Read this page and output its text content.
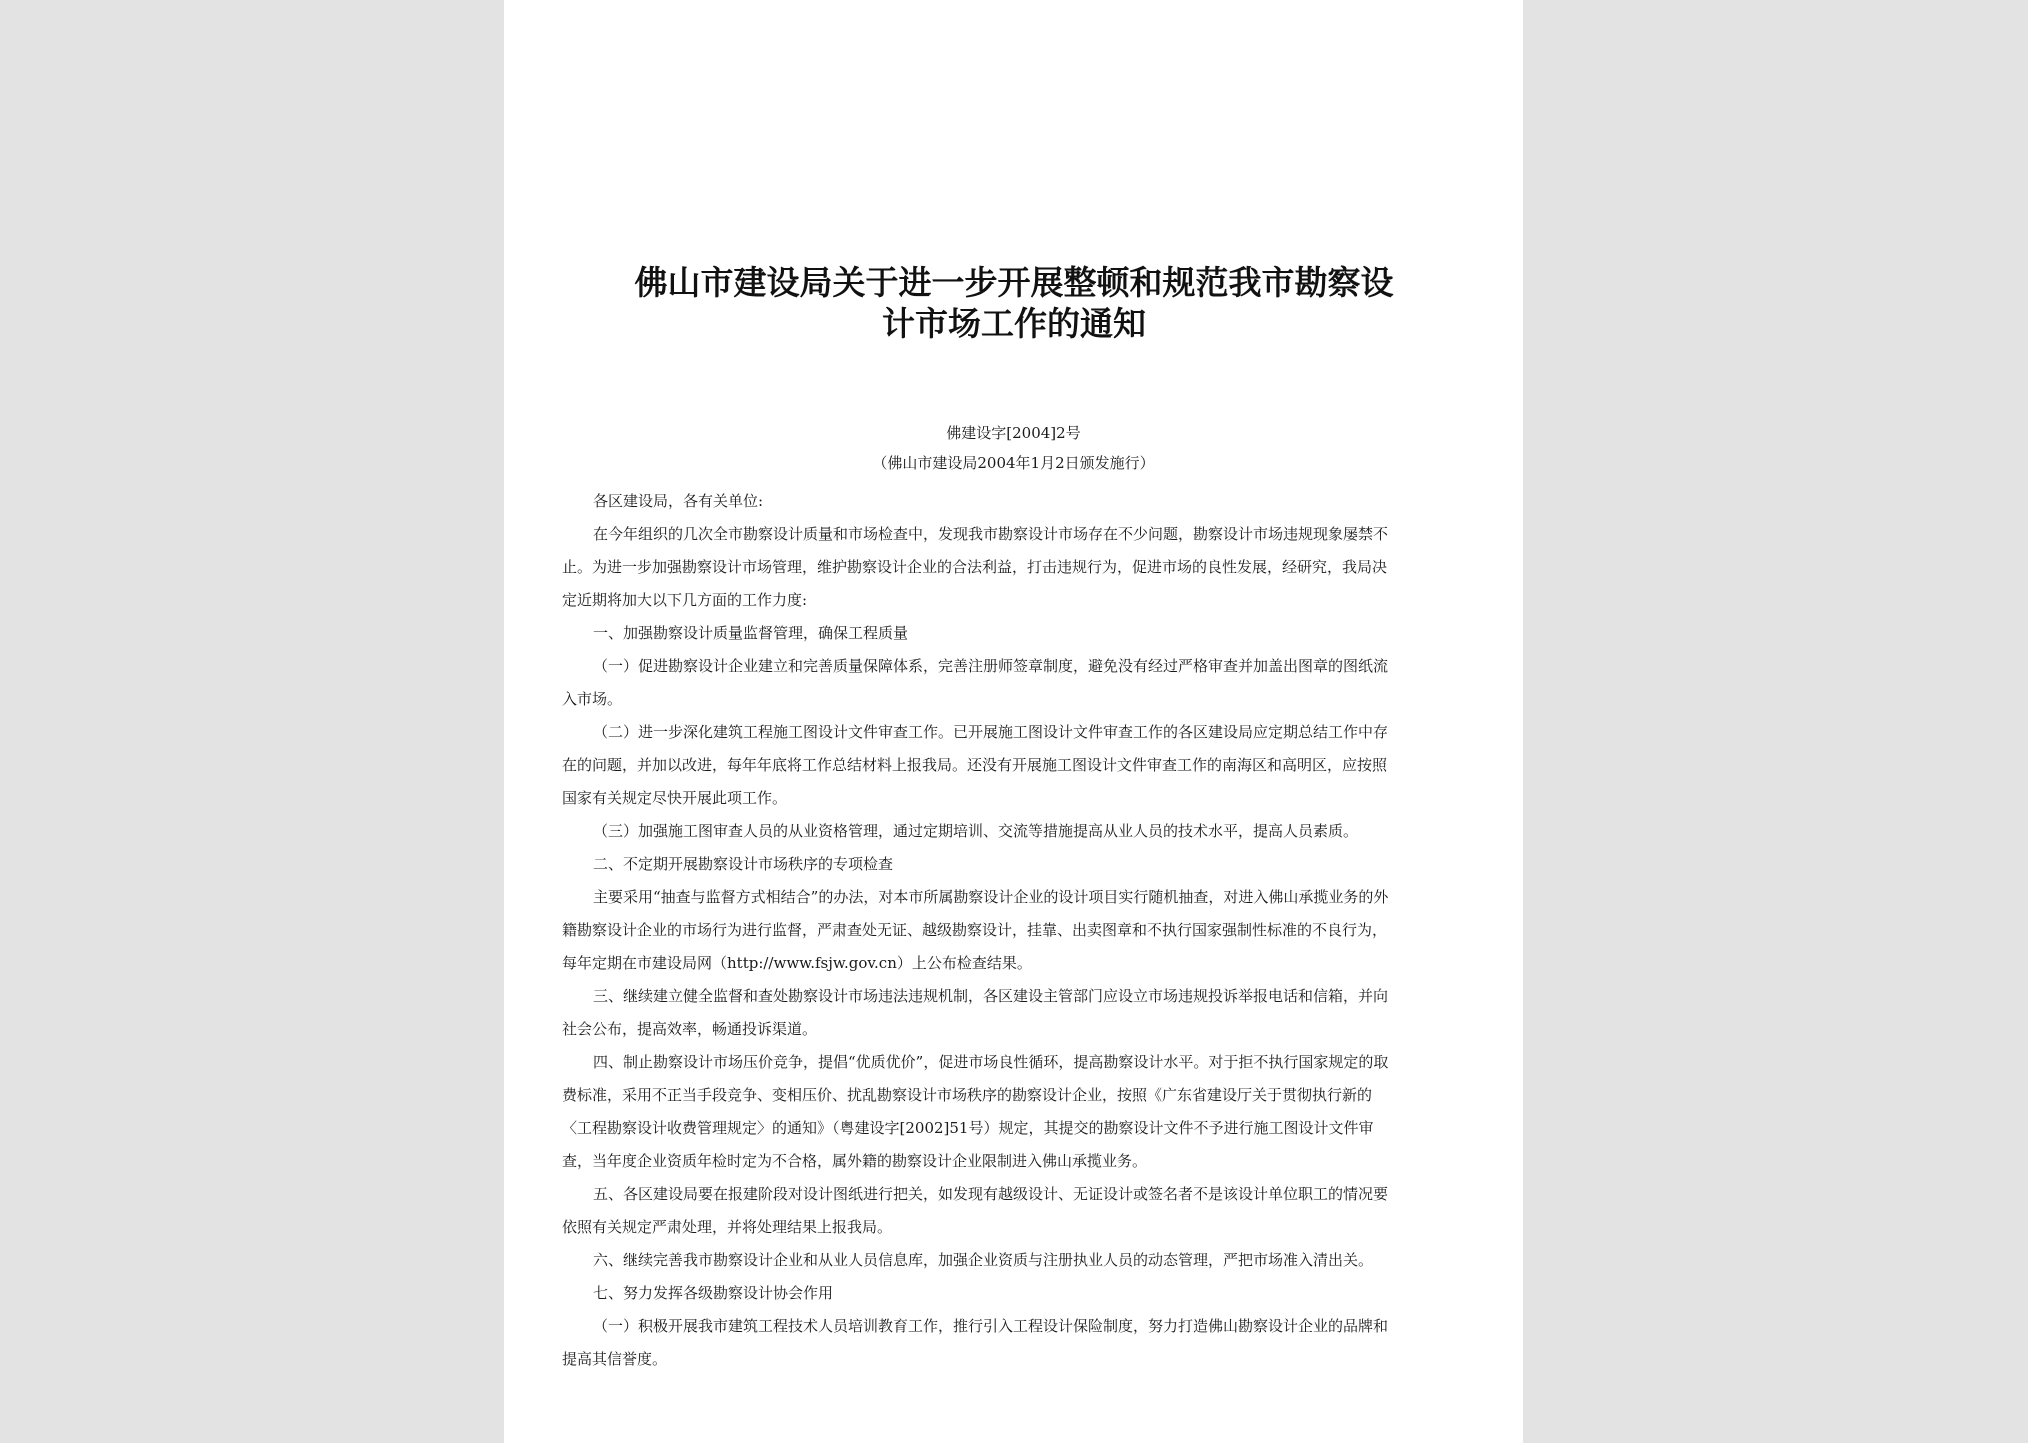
佛山市建设局关于进一步开展整顿和规范我市勘察设
计市场工作的通知
佛建设字[2004]2号
（佛山市建设局2004年1月2日颁发施行）

各区建设局，各有关单位:

在今年组织的几次全市勘察设计质量和市场检查中，发现我市勘察设计市场存在不少问题，勘察设计市场违规现象屡禁不

止。为进一步加强勘察设计市场管理，维护勘察设计企业的合法利益，打击违规行为，促进市场的良性发展，经研究，我局决

定近期将加大以下几方面的工作力度:

一、加强勘察设计质量监督管理，确保工程质量

（一）促进勘察设计企业建立和完善质量保障体系，完善注册师签章制度，避免没有经过严格审查并加盖出图章的图纸流

入市场。

（二）进一步深化建筑工程施工图设计文件审查工作。已开展施工图设计文件审查工作的各区建设局应定期总结工作中存

在的问题，并加以改进，每年年底将工作总结材料上报我局。还没有开展施工图设计文件审查工作的南海区和高明区，应按照

国家有关规定尽快开展此项工作。

（三）加强施工图审查人员的从业资格管理，通过定期培训、交流等措施提高从业人员的技术水平，提高人员素质。

二、不定期开展勘察设计市场秩序的专项检查

主要采用“抽查与监督方式相结合”的办法，对本市所属勘察设计企业的设计项目实行随机抽查，对进入佛山承揽业务的外

籍勘察设计企业的市场行为进行监督，严肃查处无证、越级勘察设计，挂靠、出卖图章和不执行国家强制性标准的不良行为，

每年定期在市建设局网（http://www.fsjw.gov.cn）上公布检查结果。

三、继续建立健全监督和查处勘察设计市场违法违规机制，各区建设主管部门应设立市场违规投诉举报电话和信箱，并向

社会公布，提高效率，畅通投诉渠道。

四、制止勘察设计市场压价竞争，提倡“优质优价”，促进市场良性循环，提高勘察设计水平。对于拒不执行国家规定的取

费标准，采用不正当手段竞争、变相压价、扰乱勘察设计市场秩序的勘察设计企业，按照《广东省建设厅关于贯彻执行新的

〈工程勘察设计收费管理规定〉的通知》（粤建设字[2002]51号）规定，其提交的勘察设计文件不予进行施工图设计文件审

查，当年度企业资质年检时定为不合格，属外籍的勘察设计企业限制进入佛山承揽业务。

五、各区建设局要在报建阶段对设计图纸进行把关，如发现有越级设计、无证设计或签名者不是该设计单位职工的情况要

依照有关规定严肃处理，并将处理结果上报我局。

六、继续完善我市勘察设计企业和从业人员信息库，加强企业资质与注册执业人员的动态管理，严把市场准入清出关。

七、努力发挥各级勘察设计协会作用

（一）积极开展我市建筑工程技术人员培训教育工作，推行引入工程设计保险制度，努力打造佛山勘察设计企业的品牌和

提高其信誉度。
